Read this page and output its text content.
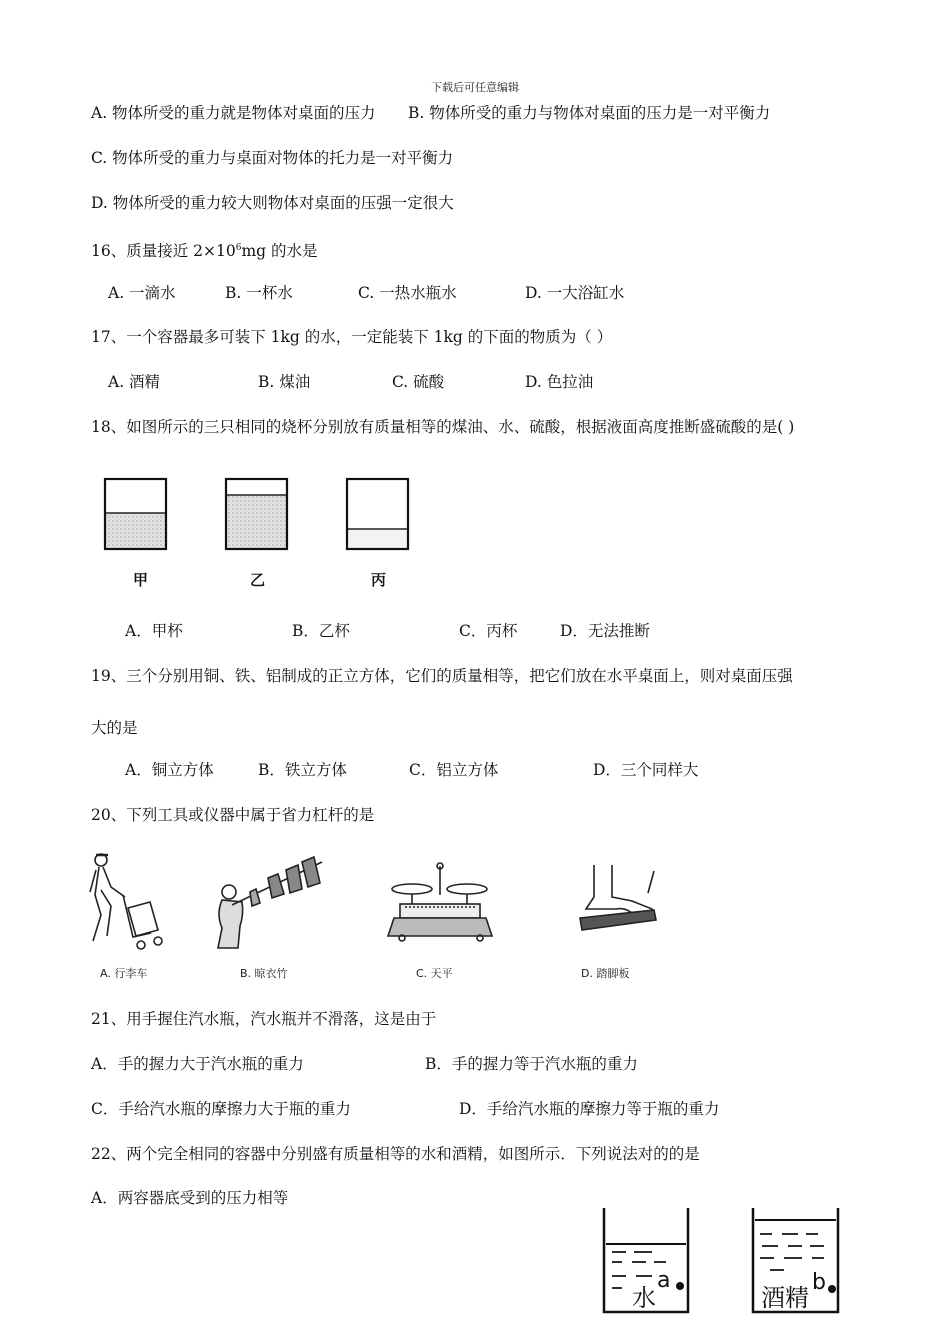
下载后可任意编辑
A. 物体所受的重力就是物体对桌面的压力 B. 物体所受的重力与物体对桌面的压力是一对平衡力
C. 物体所受的重力与桌面对物体的托力是一对平衡力
D. 物体所受的重力较大则物体对桌面的压强一定很大
16、质量接近 $2\times 10^6mg$ 的水是
A. 一滴水	B. 一杯水	C. 一热水瓶水	D. 一大浴缸水
17、一个容器最多可装下 1kg 的水，一定能装下 1kg 的下面的物质为（ ）
A. 酒精	B. 煤油	C. 硫酸	D. 色拉油
18、如图所示的三只相同的烧杯分别放有质量相等的煤油、水、硫酸，根据液面高度推断盛硫酸的是( )
甲	乙	丙
A．甲杯	B．乙杯	C．丙杯	D．无法推断
19、三个分别用铜、铁、铝制成的正立方体，它们的质量相等，把它们放在水平桌面上，则对桌面压强
大的是
A．铜立方体	B．铁立方体	C．铝立方体	D．三个同样大
20、下列工具或仪器中属于省力杠杆的是
A. 行李车	B. 晾衣竹	C. 天平	D. 踏脚板
21、用手握住汽水瓶，汽水瓶并不滑落，这是由于
A．手的握力大于汽水瓶的重力	B．手的握力等于汽水瓶的重力
C．手给汽水瓶的摩擦力大于瓶的重力	D．手给汽水瓶的摩擦力等于瓶的重力
22、两个完全相同的容器中分别盛有质量相等的水和酒精，如图所示．下列说法对的的是
A．两容器底受到的压力相等
水
a
酒精
b
